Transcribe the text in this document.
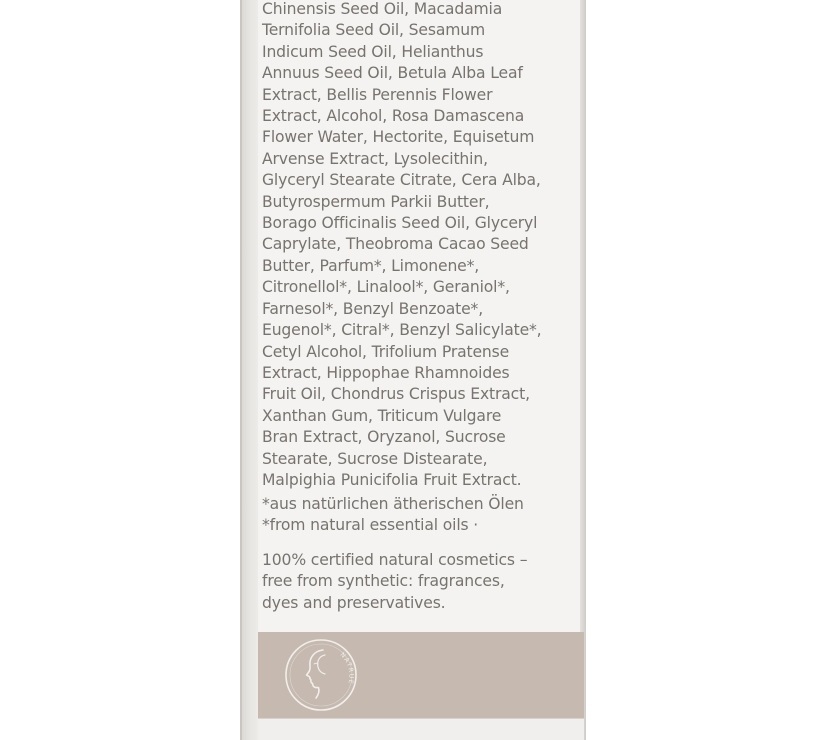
Chinensis Seed Oil, Macadamia
Ternifolia Seed Oil, Sesamum
Indicum Seed Oil, Helianthus
Annuus Seed Oil, Betula Alba Leaf
Extract, Bellis Perennis Flower
Extract, Alcohol, Rosa Damascena
Flower Water, Hectorite, Equisetum
Arvense Extract, Lysolecithin,
Glyceryl Stearate Citrate, Cera Alba,
Butyrospermum Parkii Butter,
Borago Officinalis Seed Oil, Glyceryl
Caprylate, Theobroma Cacao Seed
Butter, Parfum*, Limonene*,
Citronellol*, Linalool*, Geraniol*,
Farnesol*, Benzyl Benzoate*,
Eugenol*, Citral*, Benzyl Salicylate*,
Cetyl Alcohol, Trifolium Pratense
Extract, Hippophae Rhamnoides
Fruit Oil, Chondrus Crispus Extract,
Xanthan Gum, Triticum Vulgare
Bran Extract, Oryzanol, Sucrose
Stearate, Sucrose Distearate,
Malpighia Punicifolia Fruit Extract.

*aus natürlichen ätherischen Ölen
*from natural essential oils ·

100% certified natural cosmetics –
free from synthetic: fragrances,
dyes and preservatives.

NATRUE
